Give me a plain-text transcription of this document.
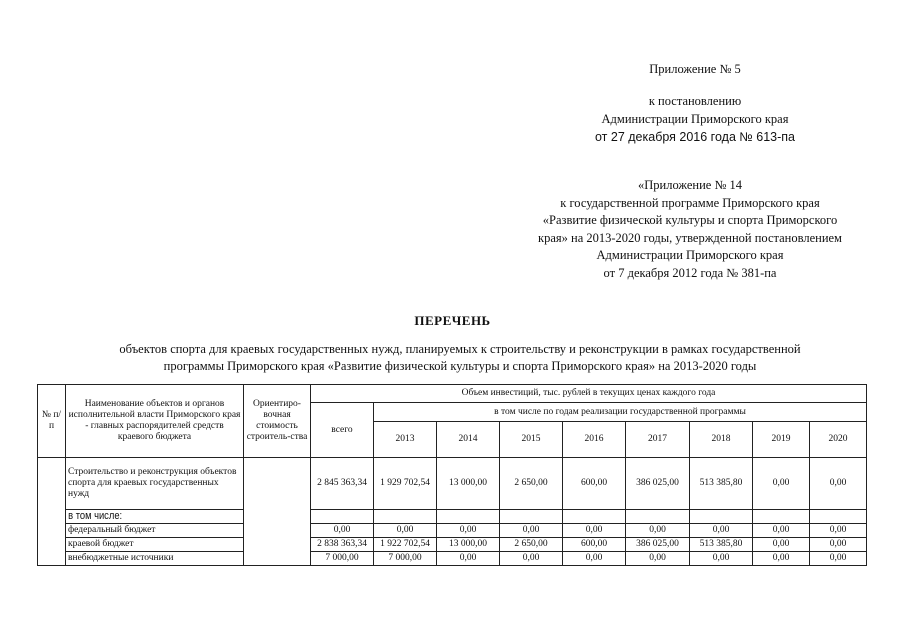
Приложение № 5
к постановлению
Администрации Приморского края
от 27 декабря 2016 года № 613-па
«Приложение № 14
к государственной программе Приморского края
«Развитие физической культуры и спорта Приморского
края» на 2013-2020 годы, утвержденной постановлением
Администрации Приморского края
от 7 декабря 2012 года № 381-па
ПЕРЕЧЕНЬ
объектов спорта для краевых государственных нужд, планируемых к строительству и реконструкции в рамках государственной
программы Приморского края «Развитие физической культуры и спорта Приморского края» на 2013-2020 годы
№ п/п	Наименование объектов и органов исполнительной власти Приморского края - главных распорядителей средств краевого бюджета	Ориентиро-вочная стоимость строитель-ства	Объем инвестиций, тыс. рублей в текущих ценах каждого года								
			всего	в том числе по годам реализации государственной программы							
				2013	2014	2015	2016	2017	2018	2019	2020
	Строительство и реконструкция объектов спорта для краевых государственных нужд		2 845 363,34	1 929 702,54	13 000,00	2 650,00	600,00	386 025,00	513 385,80	0,00	0,00
	в том числе:										
	федеральный бюджет		0,00	0,00	0,00	0,00	0,00	0,00	0,00	0,00	0,00
	краевой бюджет		2 838 363,34	1 922 702,54	13 000,00	2 650,00	600,00	386 025,00	513 385,80	0,00	0,00
	внебюджетные источники		7 000,00	7 000,00	0,00	0,00	0,00	0,00	0,00	0,00	0,00
